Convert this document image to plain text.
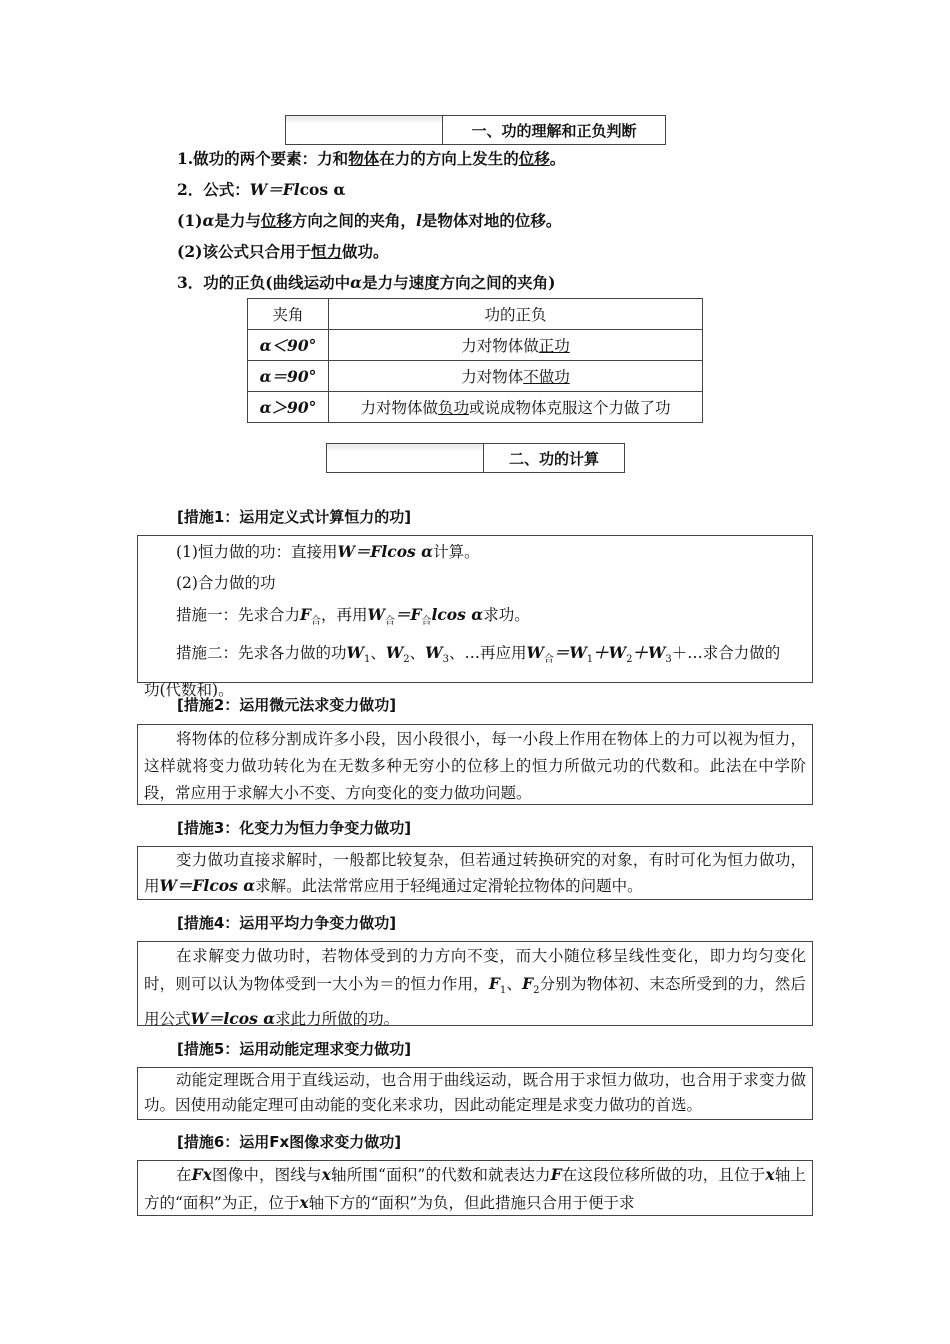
一、功的理解和正负判断
1.做功的两个要素：力和物体在力的方向上发生的位移。
2．公式：W＝Flcos α
(1)α是力与位移方向之间的夹角，l是物体对地的位移。
(2)该公式只合用于恒力做功。
3．功的正负(曲线运动中α是力与速度方向之间的夹角)
夹角	功的正负
α＜90°	力对物体做正功
α＝90°	力对物体不做功
α＞90°	力对物体做负功或说成物体克服这个力做了功
二、功的计算
[措施1：运用定义式计算恒力的功]

(1)恒力做的功：直接用W＝Flcos α计算。

(2)合力做的功

措施一：先求合力$F_合$，再用$W_合=F_合lcos$ α求功。

措施二：先求各力做的功$W_1$、$W_2$、$W_3$、…再应用$W_合=W_1+W_2+W_3+\dots$求合力做的

功(代数和)。

[措施2：运用微元法求变力做功]

将物体的位移分割成许多小段，因小段很小，每一小段上作用在物体上的力可以视为恒力，这样就将变力做功转化为在无数多种无穷小的位移上的恒力所做元功的代数和。此法在中学阶段，常应用于求解大小不变、方向变化的变力做功问题。

[措施3：化变力为恒力争变力做功]

变力做功直接求解时，一般都比较复杂，但若通过转换研究的对象，有时可化为恒力做功，用W＝Flcos α求解。此法常常应用于轻绳通过定滑轮拉物体的问题中。

[措施4：运用平均力争变力做功]

在求解变力做功时，若物体受到的力方向不变，而大小随位移呈线性变化，即力均匀变化时，则可以认为物体受到一大小为＝的恒力作用，$F_1$、$F_2$分别为物体初、末态所受到的力，然后用公式W＝lcos α求此力所做的功。

[措施5：运用动能定理求变力做功]

动能定理既合用于直线运动，也合用于曲线运动，既合用于求恒力做功，也合用于求变力做功。因使用动能定理可由动能的变化来求功，因此动能定理是求变力做功的首选。

[措施6：运用Fx图像求变力做功]

在Fx图像中，图线与x轴所围“面积”的代数和就表达力F在这段位移所做的功，且位于x轴上方的“面积”为正，位于x轴下方的“面积”为负，但此措施只合用于便于求
